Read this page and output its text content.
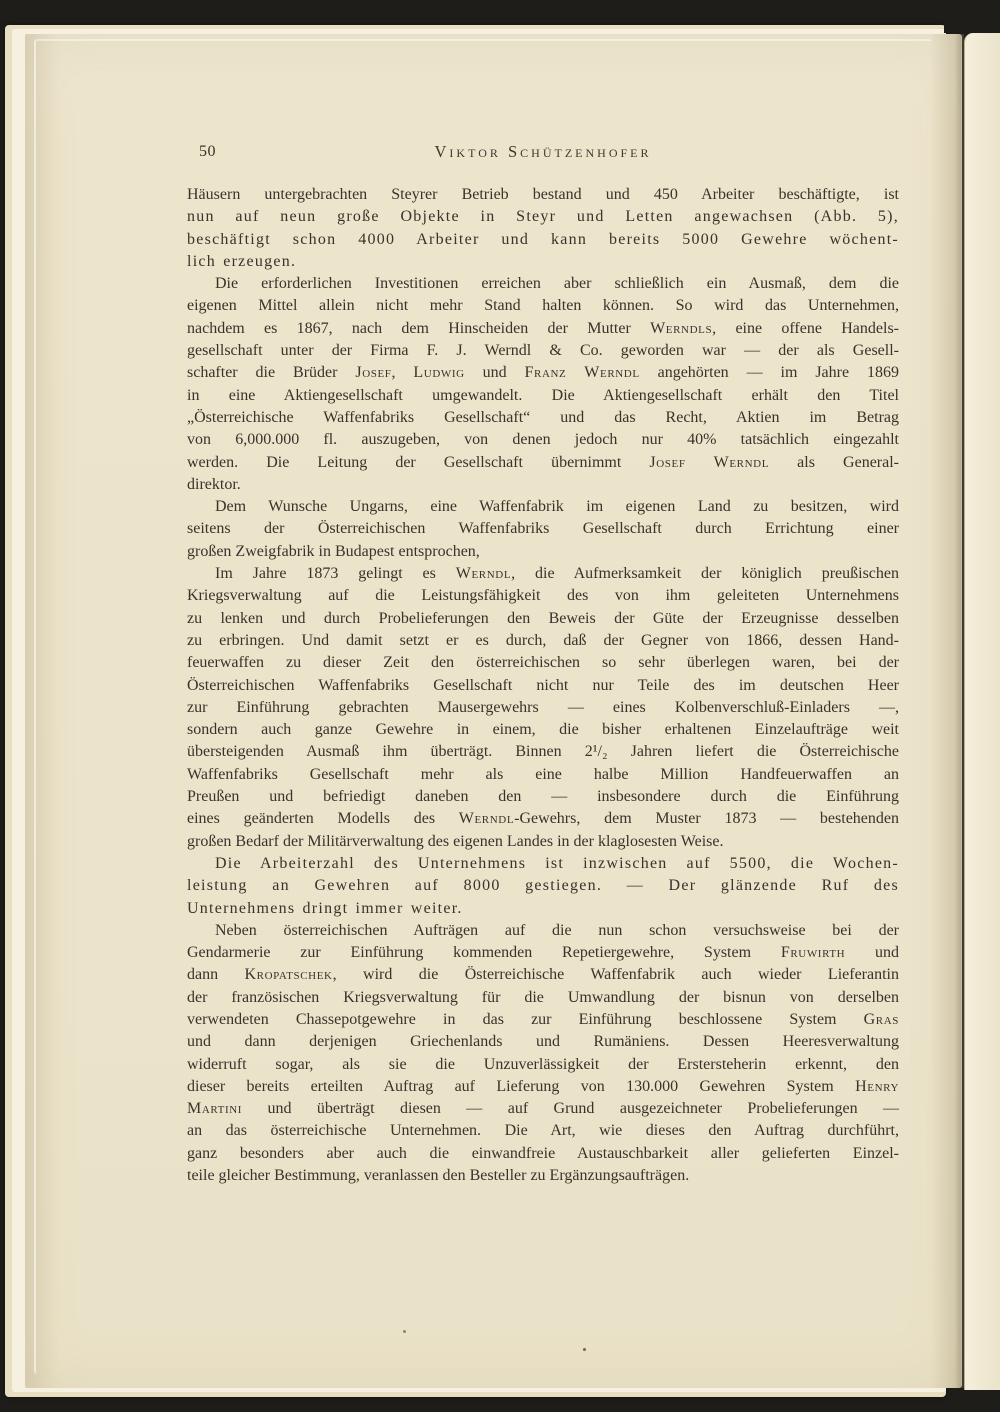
50	Viktor Schützenhofer
Häusern untergebrachten Steyrer Betrieb bestand und 450 Arbeiter beschäftigte, ist
nun auf neun große Objekte in Steyr und Letten angewachsen (Abb. 5),
beschäftigt schon 4000 Arbeiter und kann bereits 5000 Gewehre wöchent-
lich erzeugen.
Die erforderlichen Investitionen erreichen aber schließlich ein Ausmaß, dem die
eigenen Mittel allein nicht mehr Stand halten können. So wird das Unternehmen,
nachdem es 1867, nach dem Hinscheiden der Mutter Werndls, eine offene Handels-
gesellschaft unter der Firma F. J. Werndl & Co. geworden war — der als Gesell-
schafter die Brüder Josef, Ludwig und Franz Werndl angehörten — im Jahre 1869
in eine Aktiengesellschaft umgewandelt. Die Aktiengesellschaft erhält den Titel
„Österreichische Waffenfabriks Gesellschaft“ und das Recht, Aktien im Betrag
von 6,000.000 fl. auszugeben, von denen jedoch nur 40% tatsächlich eingezahlt
werden. Die Leitung der Gesellschaft übernimmt Josef Werndl als General-
direktor.
Dem Wunsche Ungarns, eine Waffenfabrik im eigenen Land zu besitzen, wird
seitens der Österreichischen Waffenfabriks Gesellschaft durch Errichtung einer
großen Zweigfabrik in Budapest entsprochen,
Im Jahre 1873 gelingt es Werndl, die Aufmerksamkeit der königlich preußischen
Kriegsverwaltung auf die Leistungsfähigkeit des von ihm geleiteten Unternehmens
zu lenken und durch Probelieferungen den Beweis der Güte der Erzeugnisse desselben
zu erbringen. Und damit setzt er es durch, daß der Gegner von 1866, dessen Hand-
feuerwaffen zu dieser Zeit den österreichischen so sehr überlegen waren, bei der
Österreichischen Waffenfabriks Gesellschaft nicht nur Teile des im deutschen Heer
zur Einführung gebrachten Mausergewehrs — eines Kolbenverschluß-Einladers —,
sondern auch ganze Gewehre in einem, die bisher erhaltenen Einzelaufträge weit
übersteigenden Ausmaß ihm überträgt. Binnen 2¹/₂ Jahren liefert die Österreichische
Waffenfabriks Gesellschaft mehr als eine halbe Million Handfeuerwaffen an
Preußen und befriedigt daneben den — insbesondere durch die Einführung
eines geänderten Modells des Werndl-Gewehrs, dem Muster 1873 — bestehenden
großen Bedarf der Militärverwaltung des eigenen Landes in der klaglosesten Weise.
Die Arbeiterzahl des Unternehmens ist inzwischen auf 5500, die Wochen-
leistung an Gewehren auf 8000 gestiegen. — Der glänzende Ruf des
Unternehmens dringt immer weiter.
Neben österreichischen Aufträgen auf die nun schon versuchsweise bei der
Gendarmerie zur Einführung kommenden Repetiergewehre, System Fruwirth und
dann Kropatschek, wird die Österreichische Waffenfabrik auch wieder Lieferantin
der französischen Kriegsverwaltung für die Umwandlung der bisnun von derselben
verwendeten Chassepotgewehre in das zur Einführung beschlossene System Gras
und dann derjenigen Griechenlands und Rumäniens. Dessen Heeresverwaltung
widerruft sogar, als sie die Unzuverlässigkeit der Erstersteherin erkennt, den
dieser bereits erteilten Auftrag auf Lieferung von 130.000 Gewehren System Henry
Martini und überträgt diesen — auf Grund ausgezeichneter Probelieferungen —
an das österreichische Unternehmen. Die Art, wie dieses den Auftrag durchführt,
ganz besonders aber auch die einwandfreie Austauschbarkeit aller gelieferten Einzel-
teile gleicher Bestimmung, veranlassen den Besteller zu Ergänzungsaufträgen.
